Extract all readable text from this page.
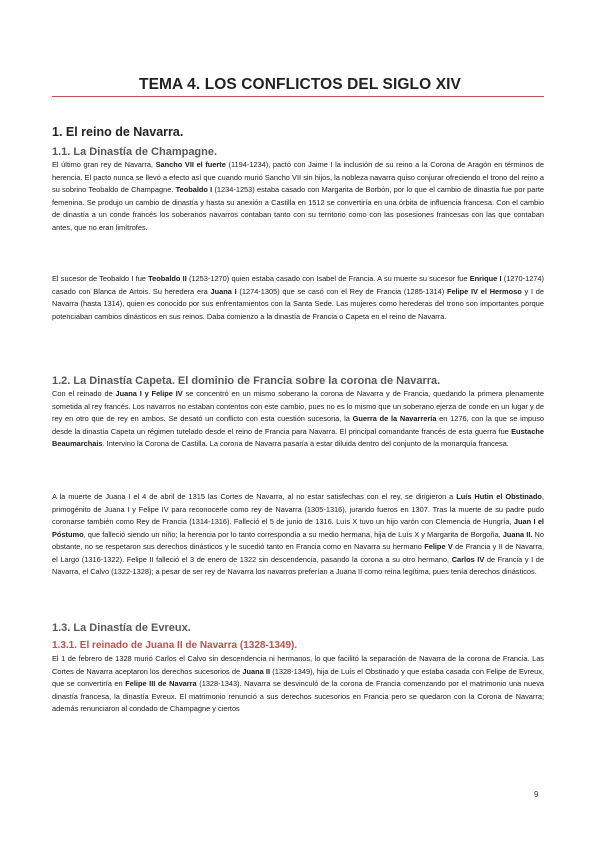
TEMA 4. LOS CONFLICTOS DEL SIGLO XIV
1. El reino de Navarra.
1.1. La Dinastía de Champagne.

El último gran rey de Navarra, Sancho VII el fuerte (1194-1234), pactó con Jaime I la inclusión de su reino a la Corona de Aragón en términos de herencia. El pacto nunca se llevó a efecto así que cuando murió Sancho VII sin hijos, la nobleza navarra quiso conjurar ofreciendo el trono del reino a su sobrino Teobaldo de Champagne. Teobaldo I (1234-1253) estaba casado con Margarita de Borbón, por lo que el cambio de dinastía fue por parte femenina. Se produjo un cambio de dinastía y hasta su anexión a Castilla en 1512 se convertiría en una órbita de influencia francesa. Con el cambio de dinastía a un conde francés los soberanos navarros contaban tanto con su territorio como con las posesiones francesas con las que contaban antes, que no eran limítrofes.

El sucesor de Teobaldo I fue Teobaldo II (1253-1270) quien estaba casado con Isabel de Francia. A su muerte su sucesor fue Enrique I (1270-1274) casado con Blanca de Artois. Su heredera era Juana I (1274-1305) que se casó con el Rey de Francia (1285-1314) Felipe IV el Hermoso y I de Navarra (hasta 1314), quien es conocido por sus enfrentamientos con la Santa Sede. Las mujeres como herederas del trono son importantes porque potenciaban cambios dinásticos en sus reinos. Daba comienzo a la dinastía de Francia o Capeta en el reino de Navarra.

1.2. La Dinastía Capeta. El dominio de Francia sobre la corona de Navarra.

Con el reinado de Juana I y Felipe IV se concentró en un mismo soberano la corona de Navarra y de Francia, quedando la primera plenamente sometida al rey francés. Los navarros no estaban contentos con este cambio, pues no es lo mismo que un soberano ejerza de conde en un lugar y de rey en otro que de rey en ambos. Se desató un conflicto con esta cuestión sucesoria, la Guerra de la Navarrería en 1276, con la que se impuso desde la dinastía Capeta un régimen tutelado desde el reino de Francia para Navarra. El principal comandante francés de esta guerra fue Eustache Beaumarchais. Intervino la Corona de Castilla. La corona de Navarra pasaría a estar diluida dentro del conjunto de la monarquía francesa.

A la muerte de Juana I el 4 de abril de 1315 las Cortes de Navarra, al no estar satisfechas con el rey, se dirigieron a Luís Hutin el Obstinado, primogénito de Juana I y Felipe IV para reconocerle como rey de Navarra (1305-1316), jurando fueros en 1307. Tras la muerte de su padre pudo coronarse también como Rey de Francia (1314-1316). Falleció el 5 de junio de 1316. Luís X tuvo un hijo varón con Clemencia de Hungría, Juan I el Póstumo, que falleció siendo un niño; la herencia por lo tanto correspondía a su medio hermana, hija de Luís X y Margarita de Borgoña, Juana II. No obstante, no se respetaron sus derechos dinásticos y le sucedió tanto en Francia como en Navarra su hermano Felipe V de Francia y II de Navarra, el Largo (1316-1322). Felipe II falleció el 3 de enero de 1322 sin descendencia, pasando la corona a su otro hermano, Carlos IV de Francia y I de Navarra, el Calvo (1322-1328); a pesar de ser rey de Navarra los navarros preferían a Juana II como reina legítima, pues tenía derechos dinásticos.

1.3. La Dinastía de Evreux.
1.3.1. El reinado de Juana II de Navarra (1328-1349).

El 1 de febrero de 1328 murió Carlos el Calvo sin descendencia ni hermanos, lo que facilitó la separación de Navarra de la corona de Francia. Las Cortes de Navarra aceptaron los derechos sucesorios de Juana II (1328-1349), hija de Luís el Obstinado y que estaba casada con Felipe de Evreux, que se convertiría en Felipe III de Navarra (1328-1343). Navarra se desvinculó de la corona de Francia comenzando por el matrimonio una nueva dinastía francesa, la dinastía Evreux. El matrimonio renunció a sus derechos sucesorios en Francia pero se quedaron con la Corona de Navarra; además renunciaron al condado de Champagne y ciertos

9
